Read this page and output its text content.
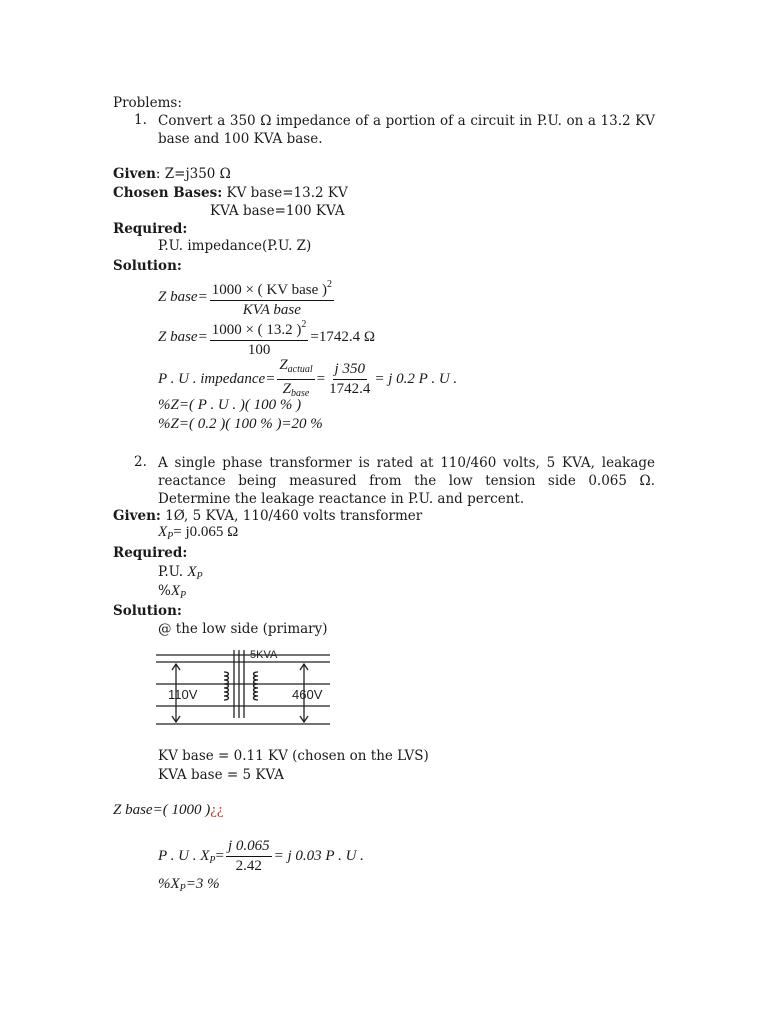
Problems:
1. Convert a 350 Ω impedance of a portion of a circuit in P.U. on a 13.2 KV base and 100 KVA base.
Given: Z=j350 Ω
Chosen Bases: KV base=13.2 KV
KVA base=100 KVA
Required:
P.U. impedance(P.U. Z)
Solution:
Z base= $\frac{1000 \times ( KV base )^2}{\text{KVA base}}$
Z base= $\frac{1000 \times ( 13.2 )^2}{100} =1742.4$ Ω
P . U . impedance= $\frac{Z_{actual}}{Z_{base}} = \frac{j 350}{1742.4} = j$ 0.2 P . U .
%Z=( P . U . )( 100 % )
%Z=( 0.2 )( 100 % )=20 %
2. A single phase transformer is rated at 110/460 volts, 5 KVA, leakage reactance being measured from the low tension side 0.065 Ω. Determine the leakage reactance in P.U. and percent.
Given: 1Ø, 5 KVA, 110/460 volts transformer
$X_P= j0.065$ Ω
Required:
P.U. $X_P$
$\%X_P$
Solution:
@ the low side (primary)
5KVA
110V	460V
KV base = 0.11 KV (chosen on the LVS)
KVA base = 5 KVA
Z base=( 1000 )¿¿
P . U . $X_P= \frac{j 0.065}{2.42} = j$ 0.03 P . U .
$\%X_P=3$ %
